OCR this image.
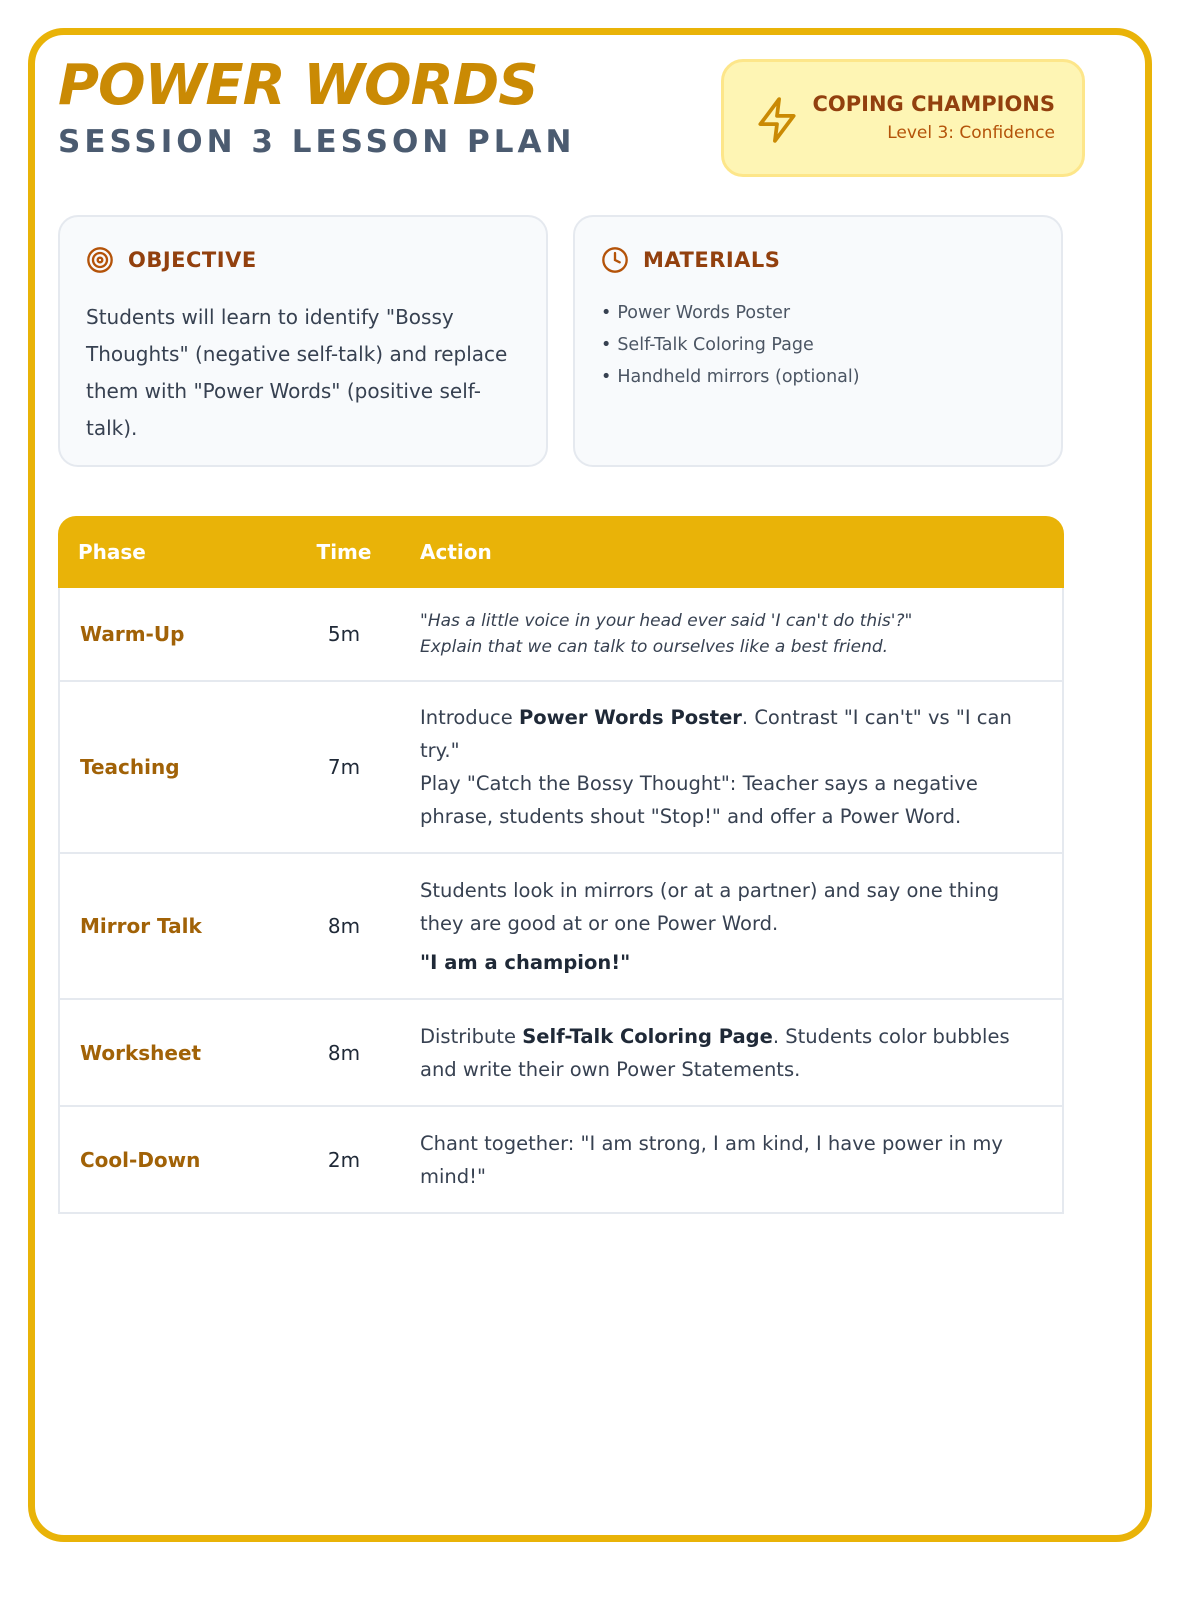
POWER WORDS
SESSION 3 LESSON PLAN
COPING CHAMPIONS
Level 3: Confidence
OBJECTIVE
Students will learn to identify "Bossy Thoughts" (negative self-talk) and replace them with "Power Words" (positive self-talk).
MATERIALS
• Power Words Poster
• Self-Talk Coloring Page
• Handheld mirrors (optional)
Phase	Time	Action
Warm-Up	5m	"Has a little voice in your head ever said 'I can't do this'?"
Explain that we can talk to ourselves like a best friend.

Teaching	7m	Introduce Power Words Poster. Contrast "I can't" vs "I can try."
Play "Catch the Bossy Thought": Teacher says a negative phrase, students shout "Stop!" and offer a Power Word.

Mirror Talk	8m	Students look in mirrors (or at a partner) and say one thing they are good at or one Power Word.
"I am a champion!"

Worksheet	8m	Distribute Self-Talk Coloring Page. Students color bubbles and write their own Power Statements.
Cool-Down	2m	Chant together: "I am strong, I am kind, I have power in my mind!"
